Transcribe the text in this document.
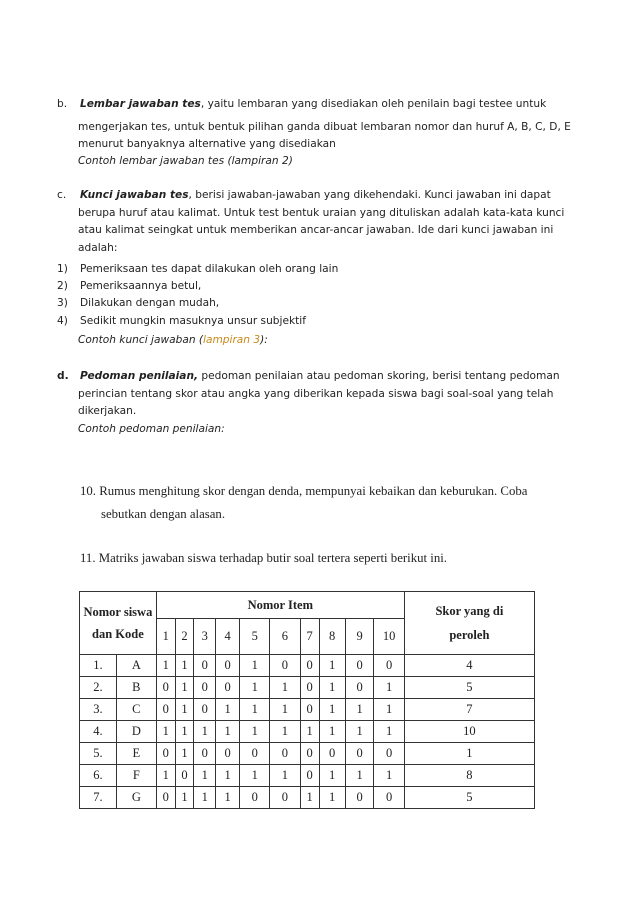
b. Lembar jawaban tes, yaitu lembaran yang disediakan oleh penilain bagi testee untuk
mengerjakan tes, untuk bentuk pilihan ganda dibuat lembaran nomor dan huruf A, B, C, D, E
menurut banyaknya alternative yang disediakan
Contoh lembar jawaban tes (lampiran 2)
c. Kunci jawaban tes, berisi jawaban-jawaban yang dikehendaki. Kunci jawaban ini dapat
berupa huruf atau kalimat. Untuk test bentuk uraian yang dituliskan adalah kata-kata kunci
atau kalimat seingkat untuk memberikan ancar-ancar jawaban. Ide dari kunci jawaban ini
adalah:
1) Pemeriksaan tes dapat dilakukan oleh orang lain
2) Pemeriksaannya betul,
3) Dilakukan dengan mudah,
4) Sedikit mungkin masuknya unsur subjektif
Contoh kunci jawaban (lampiran 3):
d. Pedoman penilaian, pedoman penilaian atau pedoman skoring, berisi tentang pedoman
perincian tentang skor atau angka yang diberikan kepada siswa bagi soal-soal yang telah
dikerjakan.
Contoh pedoman penilaian:
10. Rumus menghitung skor dengan denda, mempunyai kebaikan dan keburukan. Coba
sebutkan dengan alasan.
11. Matriks jawaban siswa terhadap butir soal tertera seperti berikut ini.
Nomor siswa dan Kode		Nomor Item										Skor yang di peroleh

		1	2	3	4	5	6	7	8	9	10	
1.	A	1	1	0	0	1	0	0	1	0	0	4
2.	B	0	1	0	0	1	1	0	1	0	1	5
3.	C	0	1	0	1	1	1	0	1	1	1	7
4.	D	1	1	1	1	1	1	1	1	1	1	10
5.	E	0	1	0	0	0	0	0	0	0	0	1
6.	F	1	0	1	1	1	1	0	1	1	1	8
7.	G	0	1	1	1	0	0	1	1	0	0	5
